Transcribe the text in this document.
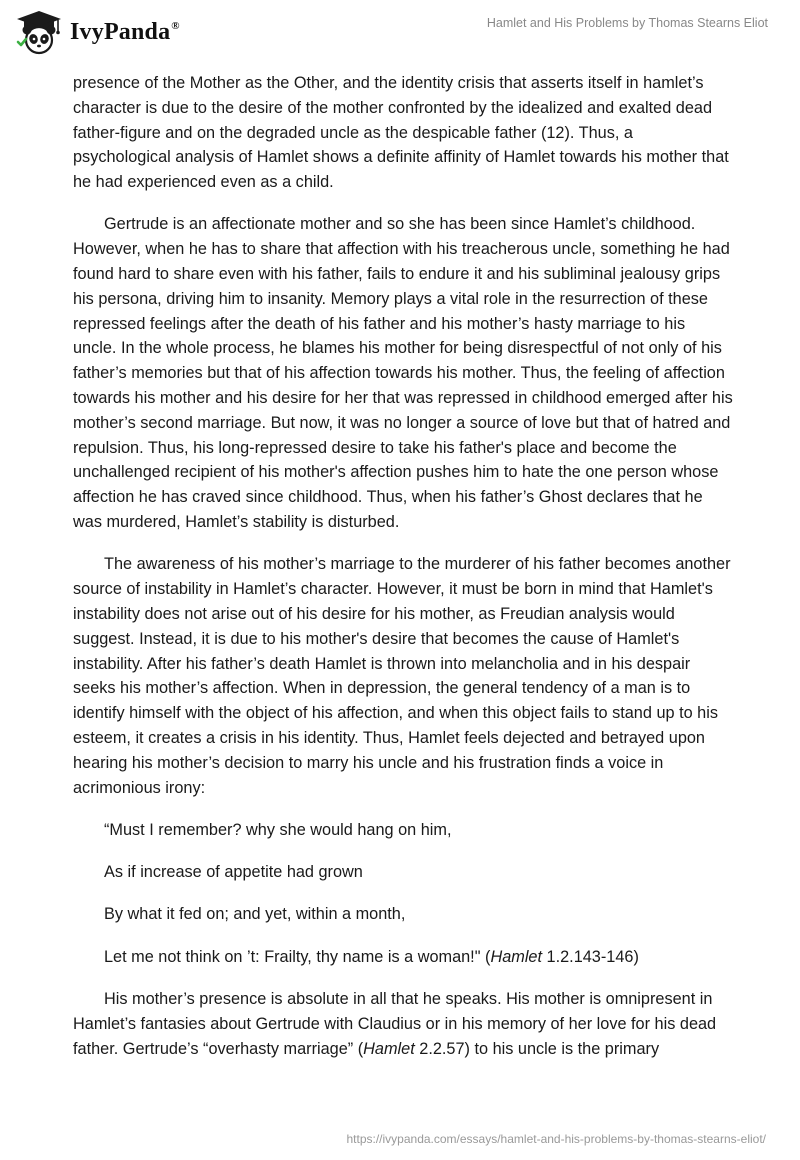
IvyPanda®	Hamlet and His Problems by Thomas Stearns Eliot

presence of the Mother as the Other, and the identity crisis that asserts itself in hamlet’s character is due to the desire of the mother confronted by the idealized and exalted dead father-figure and on the degraded uncle as the despicable father (12). Thus, a psychological analysis of Hamlet shows a definite affinity of Hamlet towards his mother that he had experienced even as a child.

Gertrude is an affectionate mother and so she has been since Hamlet’s childhood. However, when he has to share that affection with his treacherous uncle, something he had found hard to share even with his father, fails to endure it and his subliminal jealousy grips his persona, driving him to insanity. Memory plays a vital role in the resurrection of these repressed feelings after the death of his father and his mother’s hasty marriage to his uncle. In the whole process, he blames his mother for being disrespectful of not only of his father’s memories but that of his affection towards his mother. Thus, the feeling of affection towards his mother and his desire for her that was repressed in childhood emerged after his mother’s second marriage. But now, it was no longer a source of love but that of hatred and repulsion. Thus, his long-repressed desire to take his father's place and become the unchallenged recipient of his mother's affection pushes him to hate the one person whose affection he has craved since childhood. Thus, when his father’s Ghost declares that he was murdered, Hamlet’s stability is disturbed.

The awareness of his mother’s marriage to the murderer of his father becomes another source of instability in Hamlet’s character. However, it must be born in mind that Hamlet's instability does not arise out of his desire for his mother, as Freudian analysis would suggest. Instead, it is due to his mother's desire that becomes the cause of Hamlet's instability. After his father’s death Hamlet is thrown into melancholia and in his despair seeks his mother’s affection. When in depression, the general tendency of a man is to identify himself with the object of his affection, and when this object fails to stand up to his esteem, it creates a crisis in his identity. Thus, Hamlet feels dejected and betrayed upon hearing his mother’s decision to marry his uncle and his frustration finds a voice in acrimonious irony:

“Must I remember? why she would hang on him,

As if increase of appetite had grown

By what it fed on; and yet, within a month,

Let me not think on ’t: Frailty, thy name is a woman!" (Hamlet 1.2.143-146)

His mother’s presence is absolute in all that he speaks. His mother is omnipresent in Hamlet’s fantasies about Gertrude with Claudius or in his memory of her love for his dead father. Gertrude’s “overhasty marriage” (Hamlet 2.2.57) to his uncle is the primary

https://ivypanda.com/essays/hamlet-and-his-problems-by-thomas-stearns-eliot/
